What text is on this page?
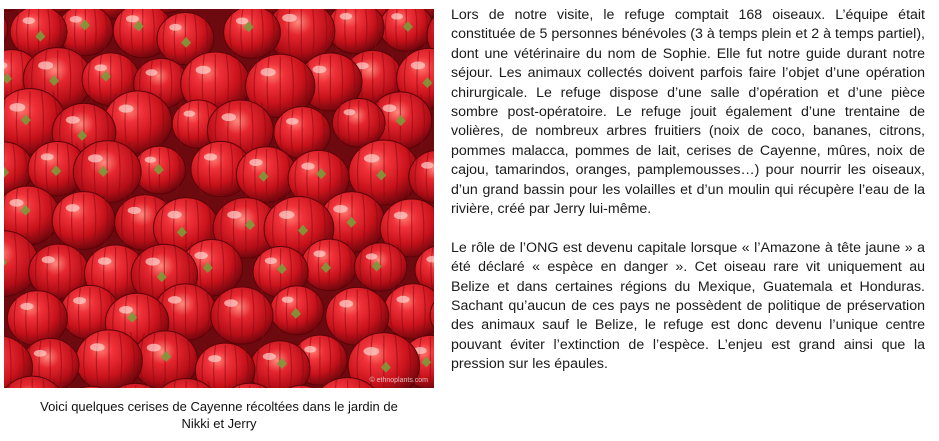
© ethnoplants.com
Voici quelques cerises de Cayenne récoltées dans le jardin de
Nikki et Jerry

Lors de notre visite, le refuge comptait 168 oiseaux. L’équipe était constituée de 5 personnes bénévoles (3 à temps plein et 2 à temps partiel), dont une vétérinaire du nom de Sophie. Elle fut notre guide durant notre séjour. Les animaux collectés doivent parfois faire l’objet d’une opération chirurgicale. Le refuge dispose d’une salle d’opération et d’une pièce sombre post-opératoire. Le refuge jouit également d’une trentaine de volières, de nombreux arbres fruitiers (noix de coco, bananes, citrons, pommes malacca, pommes de lait, cerises de Cayenne, mûres, noix de cajou, tamarindos, oranges, pamplemousses…) pour nourrir les oiseaux, d’un grand bassin pour les volailles et d’un moulin qui récupère l’eau de la rivière, créé par Jerry lui-même.

Le rôle de l’ONG est devenu capitale lorsque « l’Amazone à tête jaune » a été déclaré « espèce en danger ». Cet oiseau rare vit uniquement au Belize et dans certaines régions du Mexique, Guatemala et Honduras. Sachant qu’aucun de ces pays ne possèdent de politique de préservation des animaux sauf le Belize, le refuge est donc devenu l’unique centre pouvant éviter l’extinction de l’espèce. L’enjeu est grand ainsi que la pression sur les épaules.
